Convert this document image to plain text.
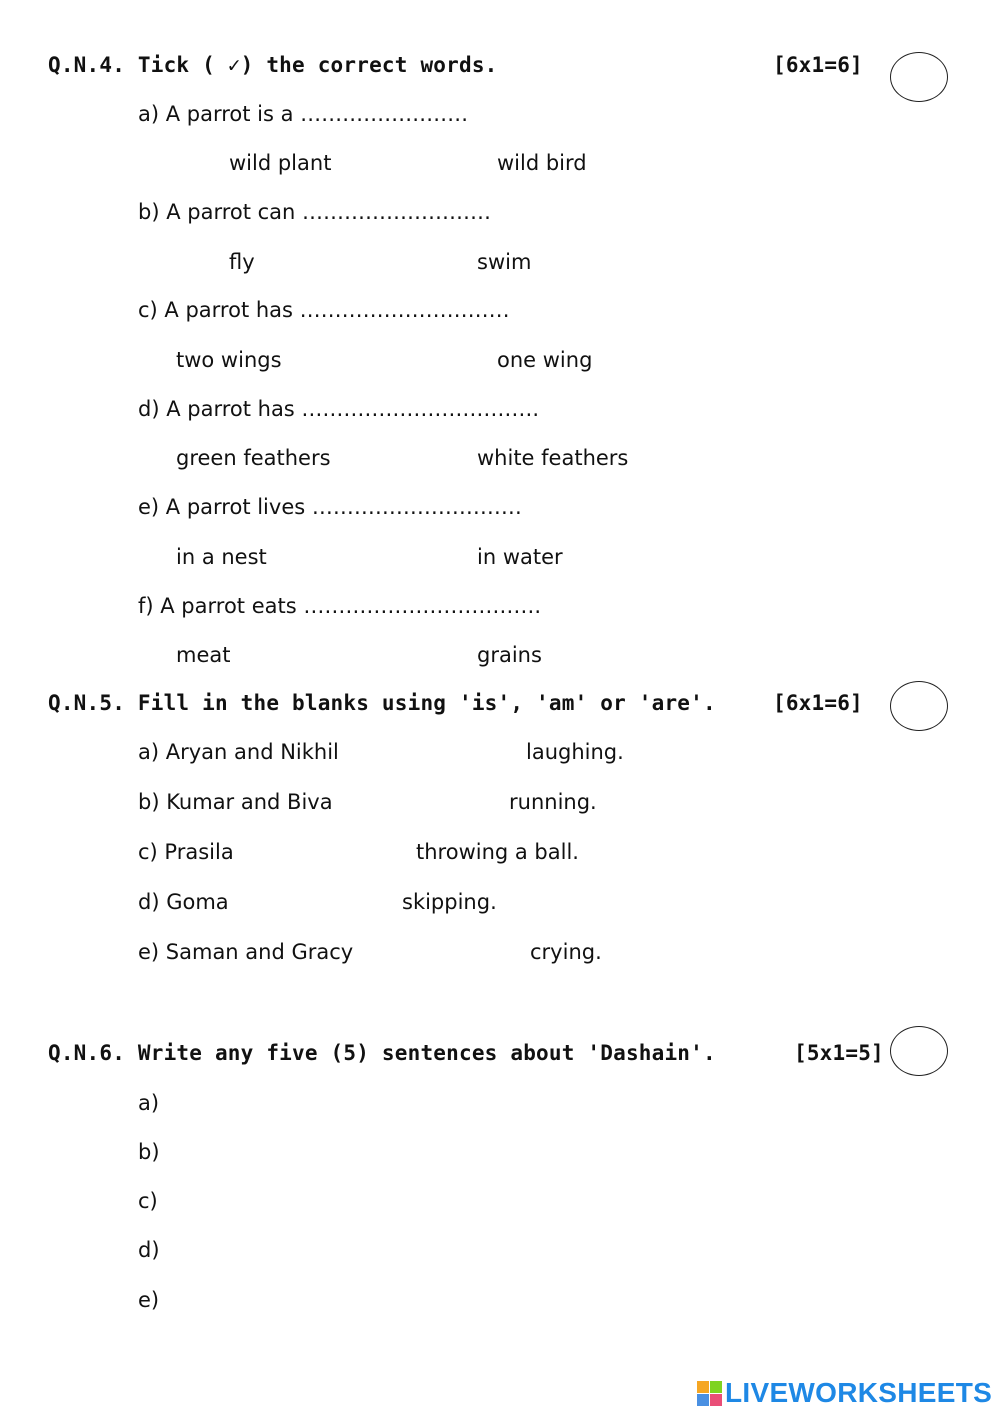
Q.N.4. Tick ( ✓) the correct words.	[6x1=6]
a) A parrot is a ……………………
wild plant	wild bird
b) A parrot can ………………………
fly	swim
c) A parrot has …………………………
two wings	one wing
d) A parrot has …………………………….
green feathers	white feathers
e) A parrot lives …………………………
in a nest	in water
f) A parrot eats …………………………….
meat	grains
Q.N.5. Fill in the blanks using 'is', 'am' or 'are'.	[6x1=6]
a) Aryan and Nikhil	laughing.
b) Kumar and Biva	running.
c) Prasila	throwing a ball.
d) Goma	skipping.
e) Saman and Gracy	crying.
Q.N.6. Write any five (5) sentences about 'Dashain'.	[5x1=5]
a)
b)
c)
d)
e)
LIVEWORKSHEETS
